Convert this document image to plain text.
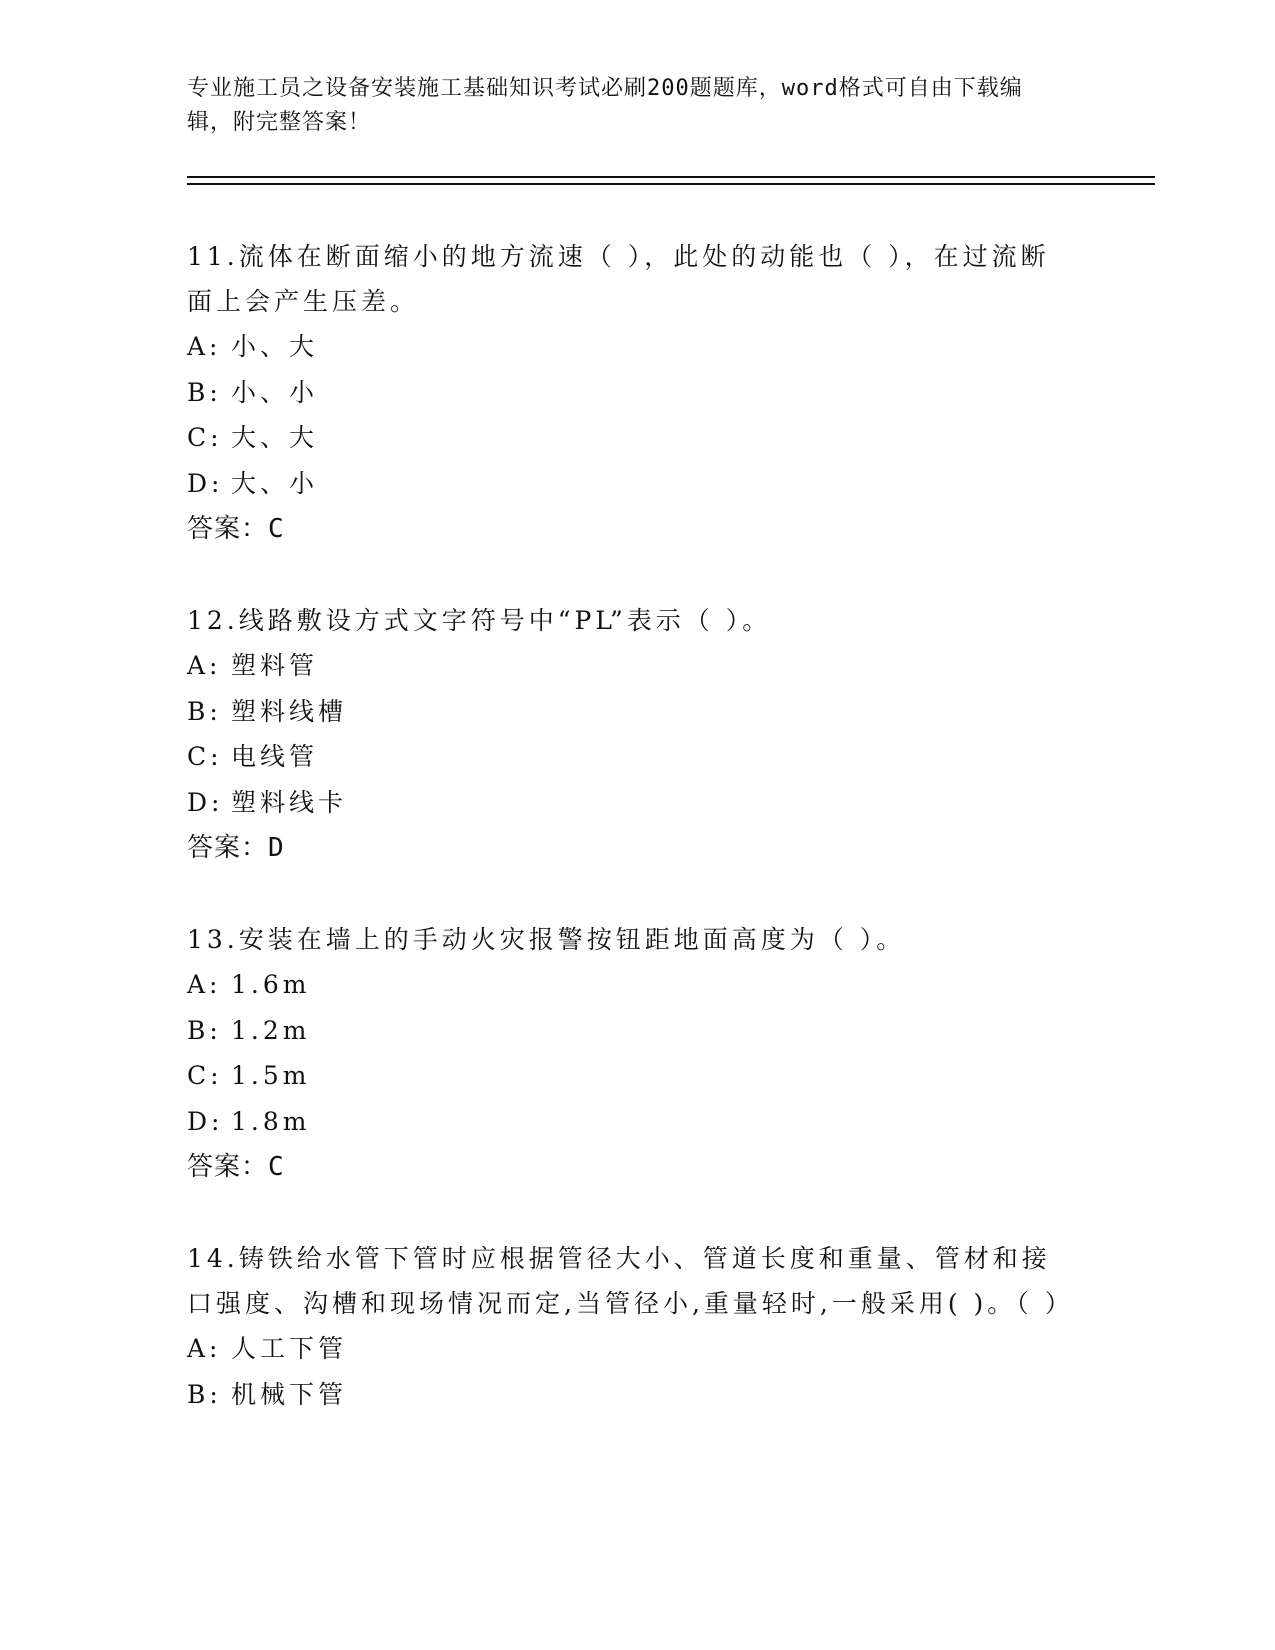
专业施工员之设备安装施工基础知识考试必刷200题题库，word格式可自由下载编辑，附完整答案！

11.流体在断面缩小的地方流速（ ），此处的动能也（ ），在过流断面上会产生压差。

A: 小、大

B: 小、小

C: 大、大

D: 大、小

答案：C

12.线路敷设方式文字符号中“PL”表示（ ）。

A: 塑料管

B: 塑料线槽

C: 电线管

D: 塑料线卡

答案：D

13.安装在墙上的手动火灾报警按钮距地面高度为（ ）。

A: 1.6m

B: 1.2m

C: 1.5m

D: 1.8m

答案：C

14.铸铁给水管下管时应根据管径大小、管道长度和重量、管材和接口强度、沟槽和现场情况而定,当管径小,重量轻时,一般采用( )。（ ）

A: 人工下管

B: 机械下管
